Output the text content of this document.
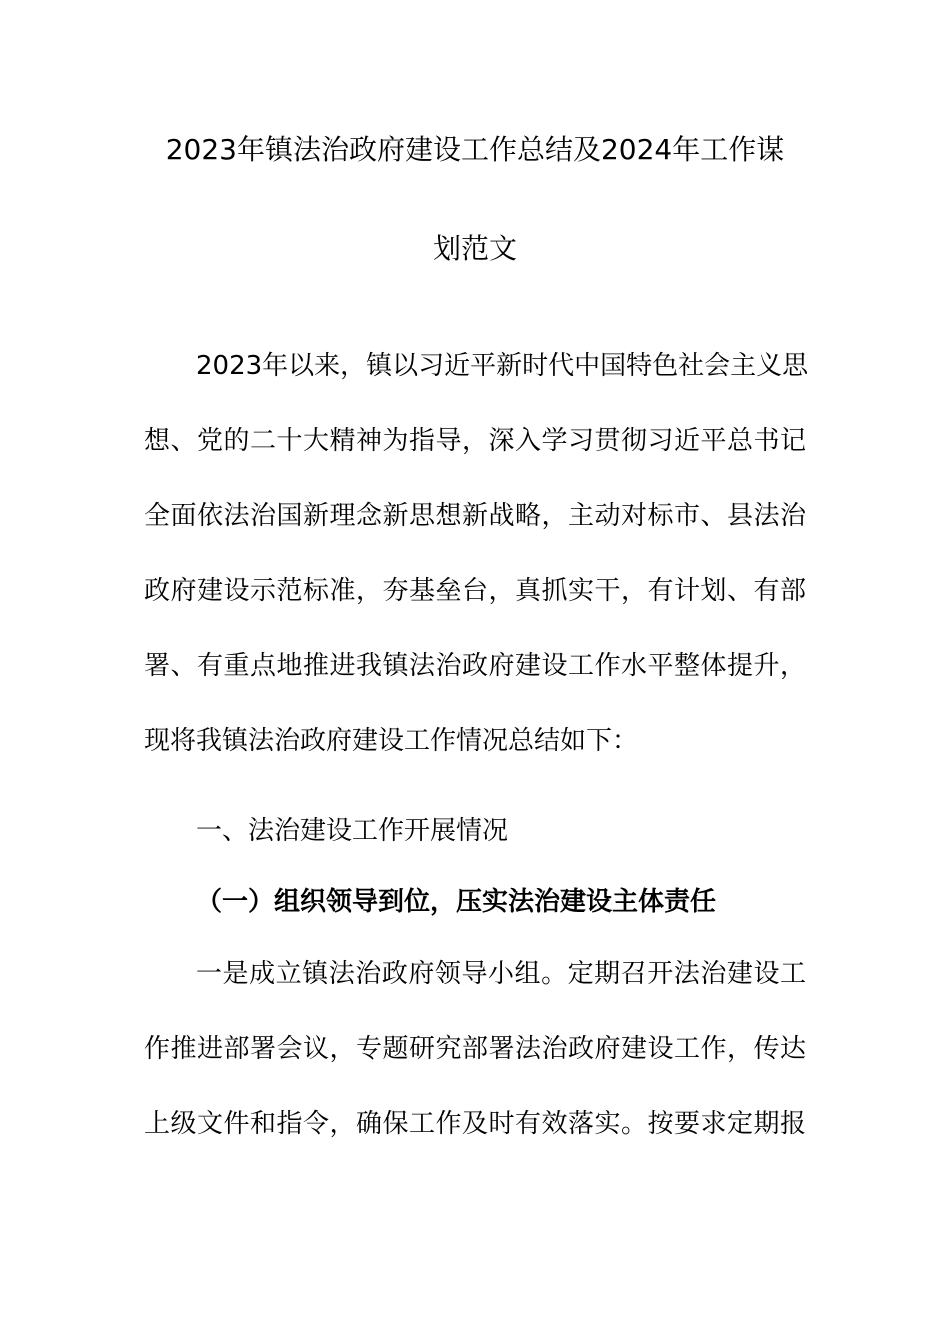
2023年镇法治政府建设工作总结及2024年工作谋
划范文
2023年以来，镇以习近平新时代中国特色社会主义思
想、党的二十大精神为指导，深入学习贯彻习近平总书记
全面依法治国新理念新思想新战略，主动对标市、县法治
政府建设示范标准，夯基垒台，真抓实干，有计划、有部
署、有重点地推进我镇法治政府建设工作水平整体提升，
现将我镇法治政府建设工作情况总结如下：
一、法治建设工作开展情况
（一）组织领导到位，压实法治建设主体责任
一是成立镇法治政府领导小组。定期召开法治建设工
作推进部署会议，专题研究部署法治政府建设工作，传达
上级文件和指令，确保工作及时有效落实。按要求定期报
